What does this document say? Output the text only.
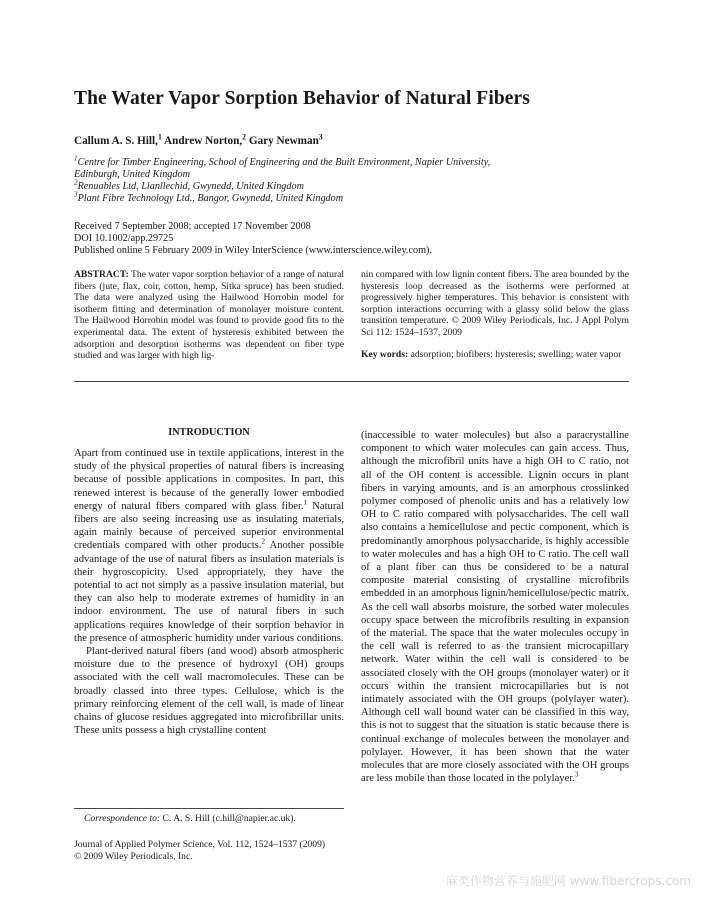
The Water Vapor Sorption Behavior of Natural Fibers
Callum A. S. Hill,$^1$ Andrew Norton,$^2$ Gary Newman$^3$
$^1$Centre for Timber Engineering, School of Engineering and the Built Environment, Napier University,
Edinburgh, United Kingdom
$^2$Renuables Ltd, Llanllechid, Gwynedd, United Kingdom
$^3$Plant Fibre Technology Ltd., Bangor, Gwynedd, United Kingdom
Received 7 September 2008; accepted 17 November 2008
DOI 10.1002/app.29725
Published online 5 February 2009 in Wiley InterScience (www.interscience.wiley.com).

ABSTRACT: The water vapor sorption behavior of a range of natural fibers (jute, flax, coir, cotton, hemp, Sitka spruce) has been studied. The data were analyzed using the Hailwood Horrobin model for isotherm fitting and determination of monolayer moisture content. The Hailwood Horrobin model was found to provide good fits to the experimental data. The extent of hysteresis exhibited between the adsorption and desorption isotherms was dependent on fiber type studied and was larger with high lig-

nin compared with low lignin content fibers. The area bounded by the hysteresis loop decreased as the isotherms were performed at progressively higher temperatures. This behavior is consistent with sorption interactions occurring with a glassy solid below the glass transition temperature. © 2009 Wiley Periodicals, Inc. J Appl Polym Sci 112: 1524–1537, 2009

Key words: adsorption; biofibers; hysteresis; swelling; water vapor
INTRODUCTION

Apart from continued use in textile applications, interest in the study of the physical properties of natural fibers is increasing because of possible applications in composites. In part, this renewed interest is because of the generally lower embodied energy of natural fibers compared with glass fiber.$^1$ Natural fibers are also seeing increasing use as insulating materials, again mainly because of perceived superior environmental credentials compared with other products.$^2$ Another possible advantage of the use of natural fibers as insulation materials is their hygroscopicity. Used appropriately, they have the potential to act not simply as a passive insulation material, but they can also help to moderate extremes of humidity in an indoor environment. The use of natural fibers in such applications requires knowledge of their sorption behavior in the presence of atmospheric humidity under various conditions.

Plant-derived natural fibers (and wood) absorb atmospheric moisture due to the presence of hydroxyl (OH) groups associated with the cell wall macromolecules. These can be broadly classed into three types. Cellulose, which is the primary reinforcing element of the cell wall, is made of linear chains of glucose residues aggregated into microfibrillar units. These units possess a high crystalline content

(inaccessible to water molecules) but also a paracrystalline component to which water molecules can gain access. Thus, although the microfibril units have a high OH to C ratio, not all of the OH content is accessible. Lignin occurs in plant fibers in varying amounts, and is an amorphous crosslinked polymer composed of phenolic units and has a relatively low OH to C ratio compared with polysaccharides. The cell wall also contains a hemicellulose and pectic component, which is predominantly amorphous polysaccharide, is highly accessible to water molecules and has a high OH to C ratio. The cell wall of a plant fiber can thus be considered to be a natural composite material consisting of crystalline microfibrils embedded in an amorphous lignin/hemicellulose/pectic matrix. As the cell wall absorbs moisture, the sorbed water molecules occupy space between the microfibrils resulting in expansion of the material. The space that the water molecules occupy in the cell wall is referred to as the transient microcapillary network. Water within the cell wall is considered to be associated closely with the OH groups (monolayer water) or it occurs within the transient microcapillaries but is not intimately associated with the OH groups (polylayer water). Although cell wall bound water can be classified in this way, this is not to suggest that the situation is static because there is continual exchange of molecules between the monolayer and polylayer. However, it has been shown that the water molecules that are more closely associated with the OH groups are less mobile than those located in the polylayer.$^3$

Correspondence to: C. A. S. Hill (c.hill@napier.ac.uk).
Journal of Applied Polymer Science, Vol. 112, 1524–1537 (2009)
© 2009 Wiley Periodicals, Inc.
麻类作物营养与施肥网 www.fibercrops.com
